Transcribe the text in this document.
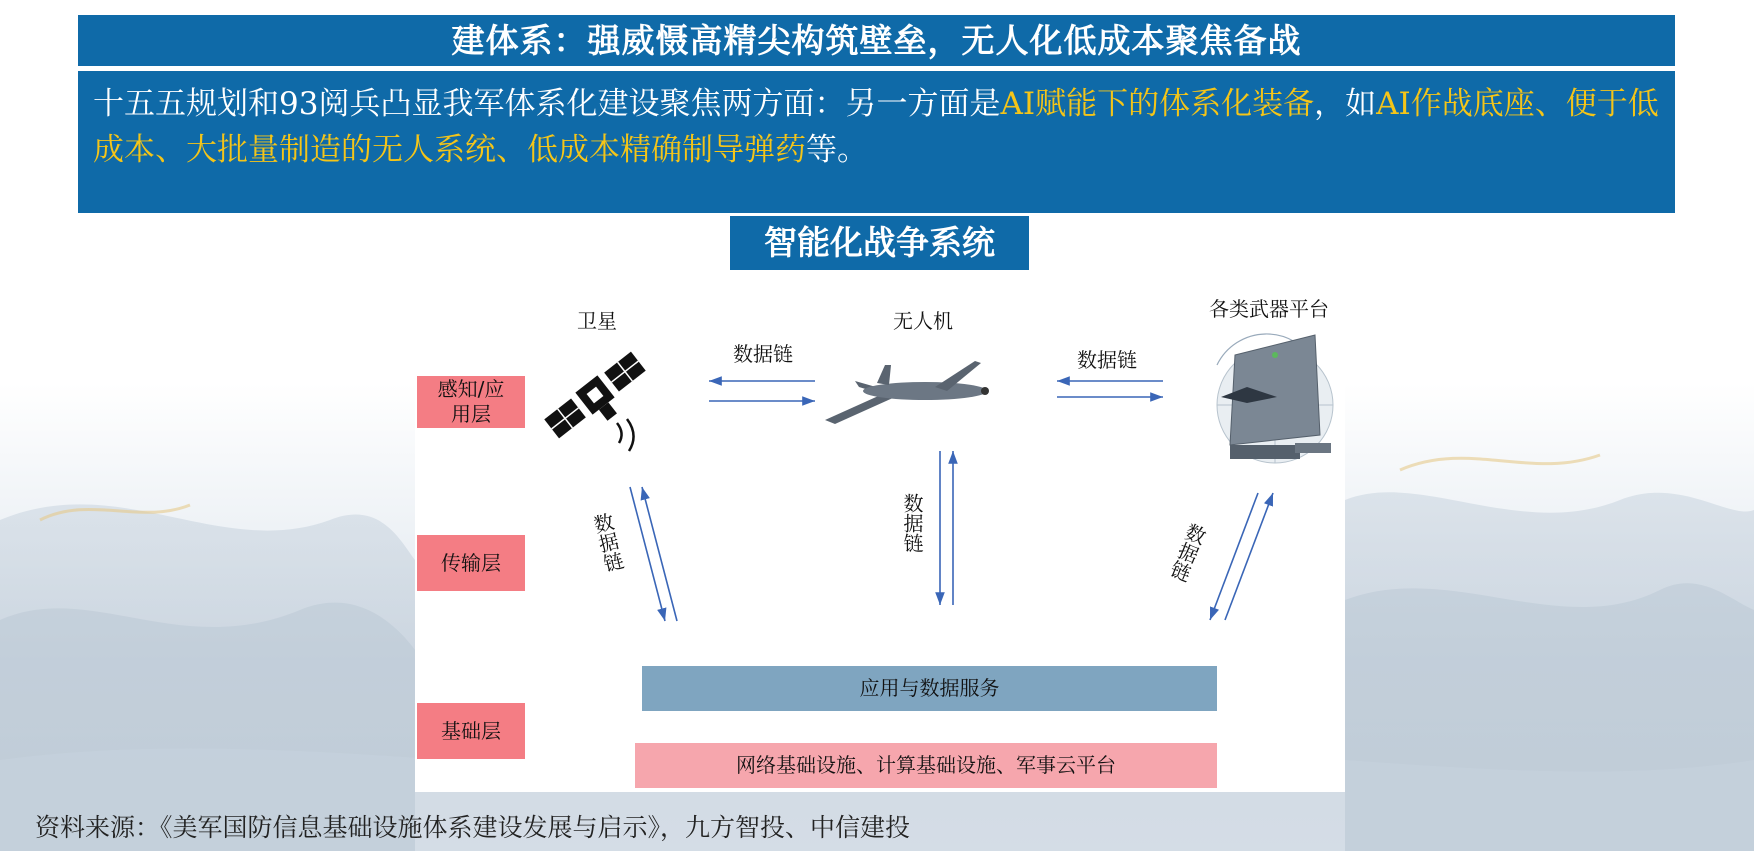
建体系：强威慑高精尖构筑壁垒，无人化低成本聚焦备战
十五五规划和93阅兵凸显我军体系化建设聚焦两方面：另一方面是AI赋能下的体系化装备，如AI作战底座、便于低成本、大批量制造的无人系统、低成本精确制导弹药等。
智能化战争系统
卫星	无人机	各类武器平台
数据链	数据链
数据链	数据链	数据链
感知/应用层
传输层
基础层
应用与数据服务
网络基础设施、计算基础设施、军事云平台
资料来源：《美军国防信息基础设施体系建设发展与启示》，九方智投、中信建投
